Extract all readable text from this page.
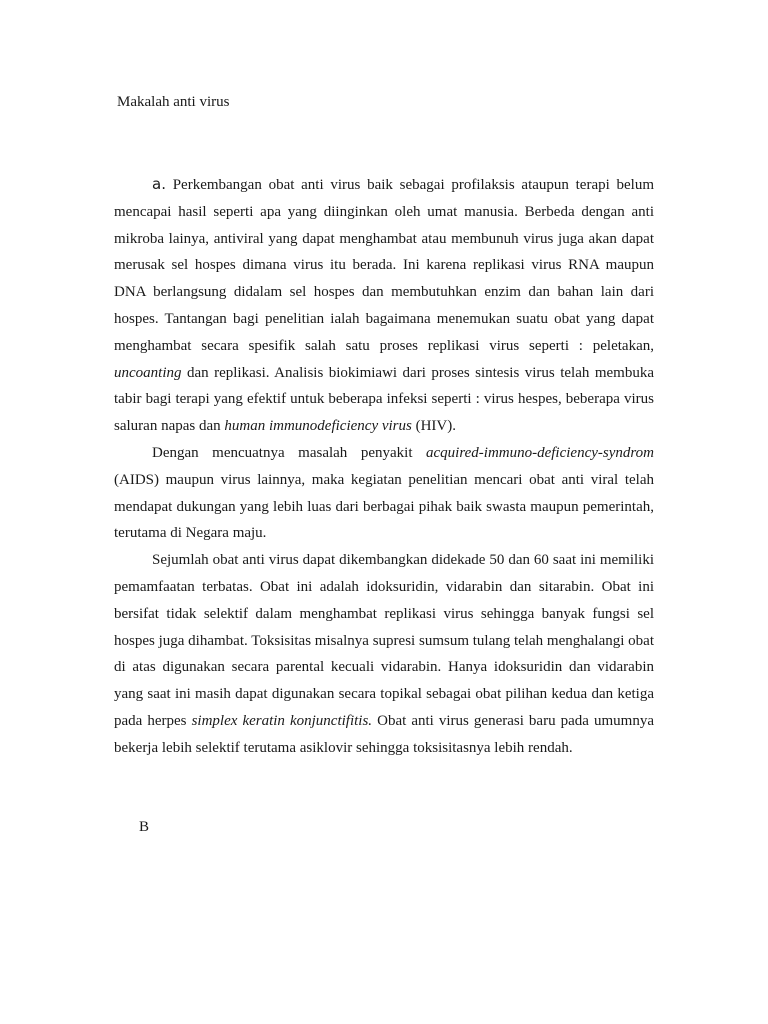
Makalah anti virus

a. Perkembangan obat anti virus baik sebagai profilaksis ataupun terapi belum mencapai hasil seperti apa yang diinginkan oleh umat manusia. Berbeda dengan anti mikroba lainya, antiviral yang dapat menghambat atau membunuh virus juga akan dapat merusak sel hospes dimana virus itu berada. Ini karena replikasi virus RNA maupun DNA berlangsung didalam sel hospes dan membutuhkan enzim dan bahan lain dari hospes. Tantangan bagi penelitian ialah bagaimana menemukan suatu obat yang dapat menghambat secara spesifik salah satu proses replikasi virus seperti : peletakan, uncoanting dan replikasi. Analisis biokimiawi dari proses sintesis virus telah membuka tabir bagi terapi yang efektif untuk beberapa infeksi seperti : virus hespes, beberapa virus saluran napas dan human immunodeficiency virus (HIV).

Dengan mencuatnya masalah penyakit acquired-immuno-deficiency-syndrom (AIDS) maupun virus lainnya, maka kegiatan penelitian mencari obat anti viral telah mendapat dukungan yang lebih luas dari berbagai pihak baik swasta maupun pemerintah, terutama di Negara maju.

Sejumlah obat anti virus dapat dikembangkan didekade 50 dan 60 saat ini memiliki pemamfaatan terbatas. Obat ini adalah idoksuridin, vidarabin dan sitarabin. Obat ini bersifat tidak selektif dalam menghambat replikasi virus sehingga banyak fungsi sel hospes juga dihambat. Toksisitas misalnya supresi sumsum tulang telah menghalangi obat di atas digunakan secara parental kecuali vidarabin. Hanya idoksuridin dan vidarabin yang saat ini masih dapat digunakan secara topikal sebagai obat pilihan kedua dan ketiga pada herpes simplex keratin konjunctifitis. Obat anti virus generasi baru pada umumnya bekerja lebih selektif terutama asiklovir sehingga toksisitasnya lebih rendah.

B
